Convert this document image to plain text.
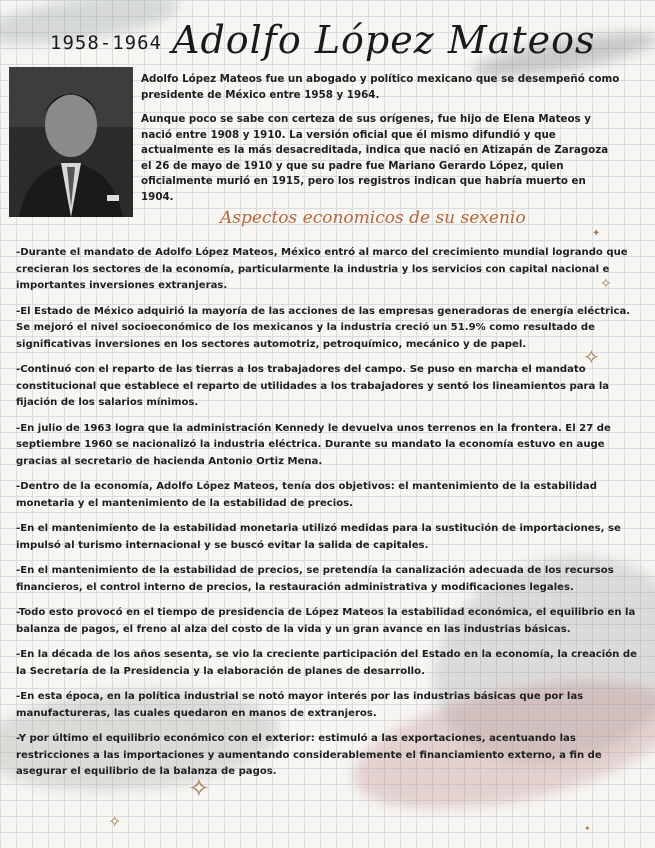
1958-1964 Adolfo López Mateos

Adolfo López Mateos fue un abogado y político mexicano que se desempeñó como presidente de México entre 1958 y 1964.

Aunque poco se sabe con certeza de sus orígenes, fue hijo de Elena Mateos y nació entre 1908 y 1910. La versión oficial que él mismo difundió y que actualmente es la más desacreditada, indica que nació en Atizapán de Zaragoza el 26 de mayo de 1910 y que su padre fue Mariano Gerardo López, quien oficialmente murió en 1915, pero los registros indican que habría muerto en 1904.

Aspectos economicos de su sexenio

-Durante el mandato de Adolfo López Mateos, México entró al marco del crecimiento mundial logrando que crecieran los sectores de la economía, particularmente la industria y los servicios con capital nacional e importantes inversiones extranjeras.

-El Estado de México adquirió la mayoría de las acciones de las empresas generadoras de energía eléctrica. Se mejoró el nivel socioeconómico de los mexicanos y la industria creció un 51.9% como resultado de significativas inversiones en los sectores automotriz, petroquímico, mecánico y de papel.

-Continuó con el reparto de las tierras a los trabajadores del campo. Se puso en marcha el mandato constitucional que establece el reparto de utilidades a los trabajadores y sentó los lineamientos para la fijación de los salarios mínimos.

-En julio de 1963 logra que la administración Kennedy le devuelva unos terrenos en la frontera. El 27 de septiembre 1960 se nacionalizó la industria eléctrica. Durante su mandato la economía estuvo en auge gracias al secretario de hacienda Antonio Ortiz Mena.

-Dentro de la economía, Adolfo López Mateos, tenía dos objetivos: el mantenimiento de la estabilidad monetaria y el mantenimiento de la estabilidad de precios.

-En el mantenimiento de la estabilidad monetaria utilizó medidas para la sustitución de importaciones, se impulsó al turismo internacional y se buscó evitar la salida de capitales.

-En el mantenimiento de la estabilidad de precios, se pretendía la canalización adecuada de los recursos financieros, el control interno de precios, la restauración administrativa y modificaciones legales.

-Todo esto provocó en el tiempo de presidencia de López Mateos la estabilidad económica, el equilibrio en la balanza de pagos, el freno al alza del costo de la vida y un gran avance en las industrias básicas.

-En la década de los años sesenta, se vio la creciente participación del Estado en la economía, la creación de la Secretaría de la Presidencia y la elaboración de planes de desarrollo.

-En esta época, en la política industrial se notó mayor interés por las industrias básicas que por las manufactureras, las cuales quedaron en manos de extranjeros.

-Y por último el equilibrio económico con el exterior: estimuló a las exportaciones, acentuando las restricciones a las importaciones y aumentando considerablemente el financiamiento externo, a fin de asegurar el equilibrio de la balanza de pagos.

✧
✧
✦
✧
✧	✦
